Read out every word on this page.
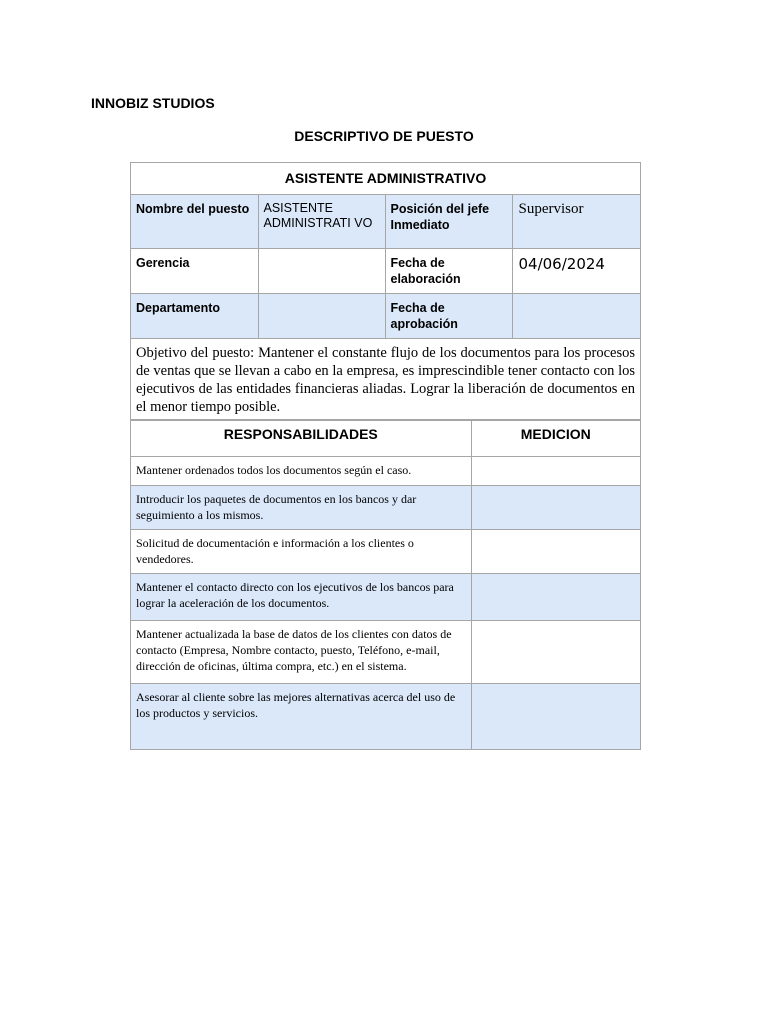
INNOBIZ STUDIOS
DESCRIPTIVO DE PUESTO
ASISTENTE ADMINISTRATIVO
Nombre del puesto	ASISTENTE ADMINISTRATI VO	Posición del jefe Inmediato	Supervisor
Gerencia		Fecha de elaboración	04/06/2024
Departamento		Fecha de aprobación	
Objetivo del puesto: Mantener el constante flujo de los documentos para los procesos de ventas que se llevan a cabo en la empresa, es imprescindible tener contacto con los ejecutivos de las entidades financieras aliadas. Lograr la liberación de documentos en el menor tiempo posible.
RESPONSABILIDADES	MEDICION
Mantener ordenados todos los documentos según el caso.	
Introducir los paquetes de documentos en los bancos y dar seguimiento a los mismos.	
Solicitud de documentación e información a los clientes o vendedores.	
Mantener el contacto directo con los ejecutivos de los bancos para lograr la aceleración de los documentos.	
Mantener actualizada la base de datos de los clientes con datos de contacto (Empresa, Nombre contacto, puesto, Teléfono, e-mail, dirección de oficinas, última compra, etc.) en el sistema.	
Asesorar al cliente sobre las mejores alternativas acerca del uso de los productos y servicios.	
